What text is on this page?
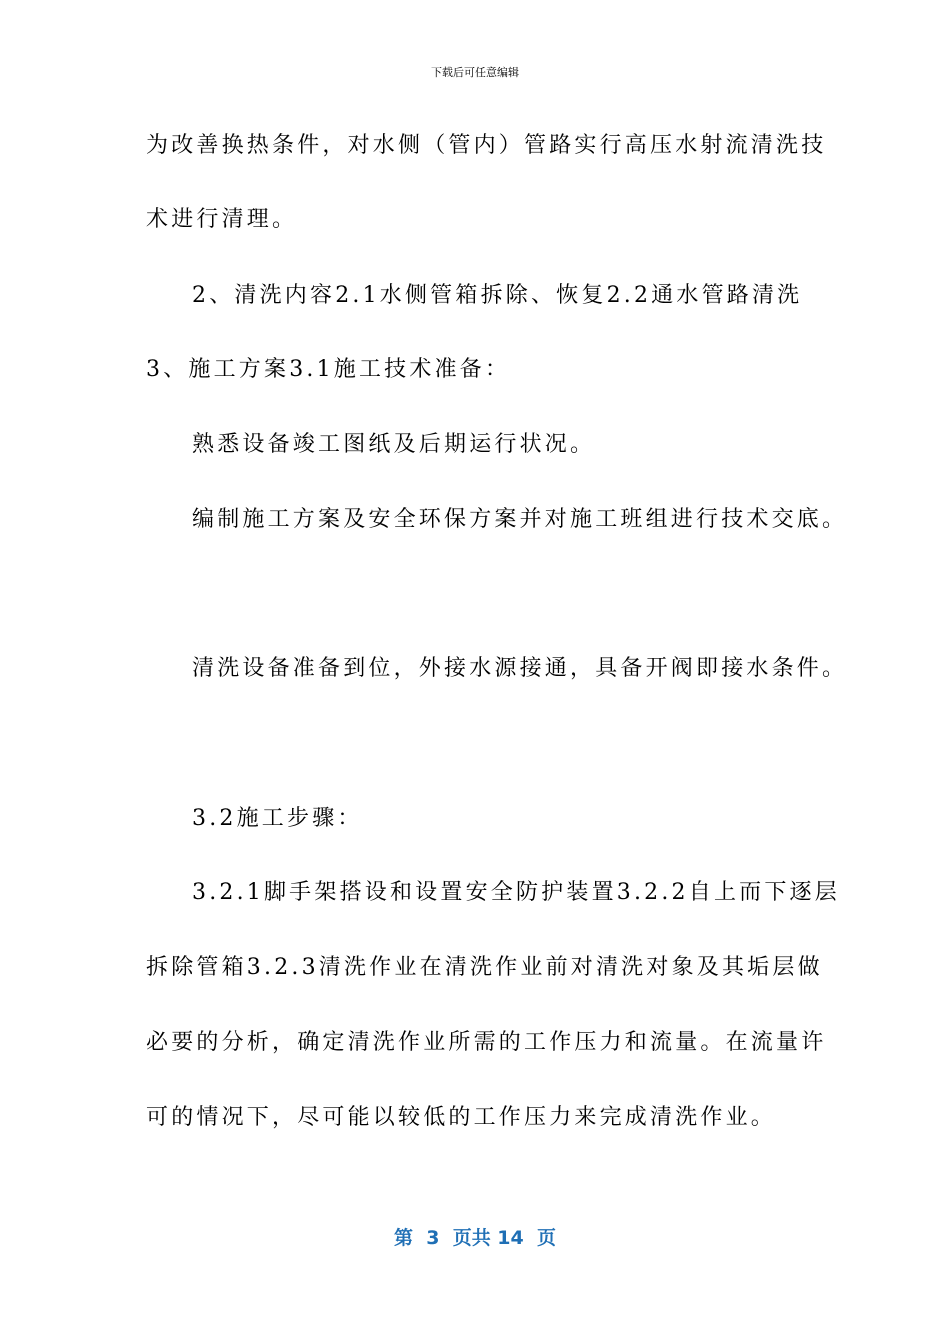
下载后可任意编辑
为改善换热条件，对水侧（管内）管路实行高压水射流清洗技
术进行清理。
2、清洗内容2.1水侧管箱拆除、恢复2.2通水管路清洗
3、施工方案3.1施工技术准备：
熟悉设备竣工图纸及后期运行状况。
编制施工方案及安全环保方案并对施工班组进行技术交底。
清洗设备准备到位，外接水源接通，具备开阀即接水条件。
3.2施工步骤：
3.2.1脚手架搭设和设置安全防护装置3.2.2自上而下逐层
拆除管箱3.2.3清洗作业在清洗作业前对清洗对象及其垢层做
必要的分析，确定清洗作业所需的工作压力和流量。在流量许
可的情况下，尽可能以较低的工作压力来完成清洗作业。
第  3  页共 14  页
